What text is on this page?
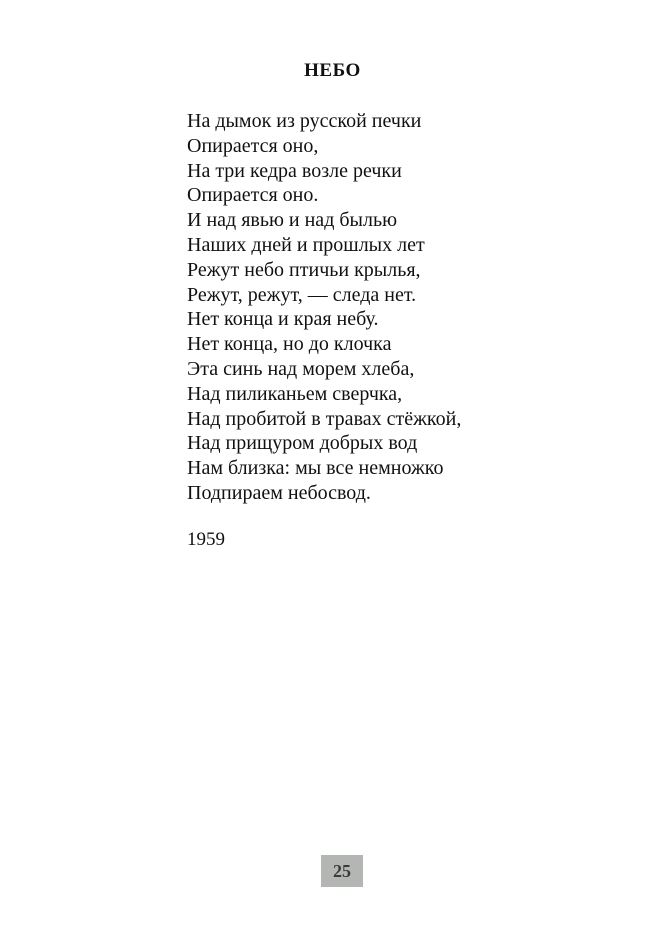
НЕБО
На дымок из русской печки
Опирается оно,
На три кедра возле речки
Опирается оно.
И над явью и над былью
Наших дней и прошлых лет
Режут небо птичьи крылья,
Режут, режут, — следа нет.
Нет конца и края небу.
Нет конца, но до клочка
Эта синь над морем хлеба,
Над пиликаньем сверчка,
Над пробитой в травах стёжкой,
Над прищуром добрых вод
Нам близка: мы все немножко
Подпираем небосвод.
1959
25
